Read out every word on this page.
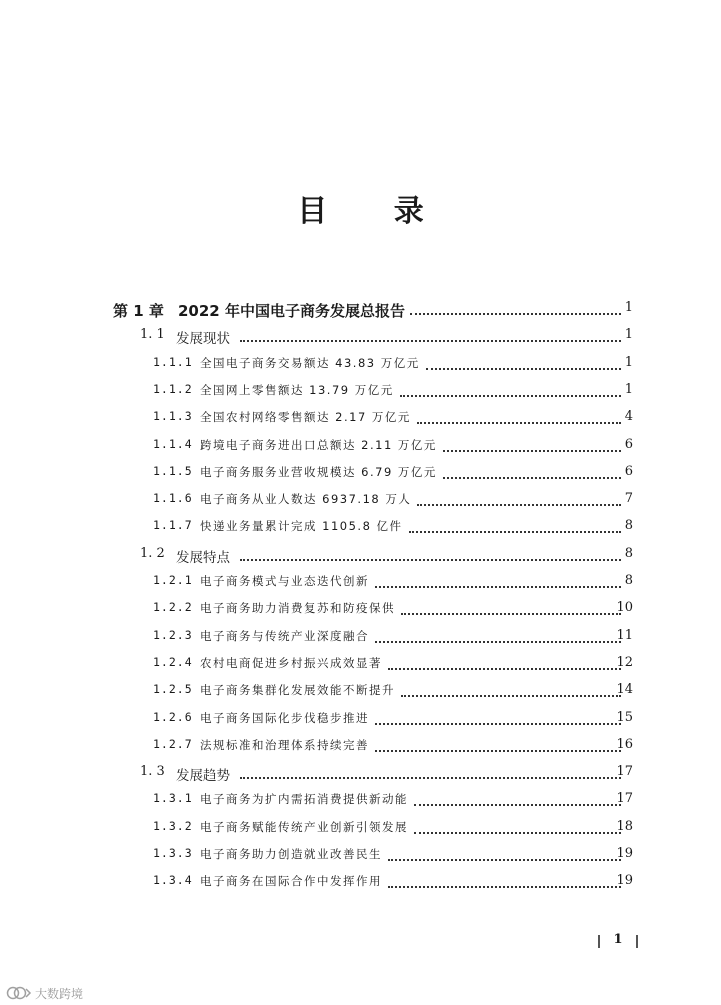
目 录
第 1 章 2022 年中国电子商务发展总报告	1
1. 1 发展现状	1
1.1.1 全国电子商务交易额达 43.83 万亿元	1
1.1.2 全国网上零售额达 13.79 万亿元	1
1.1.3 全国农村网络零售额达 2.17 万亿元	4
1.1.4 跨境电子商务进出口总额达 2.11 万亿元	6
1.1.5 电子商务服务业营收规模达 6.79 万亿元	6
1.1.6 电子商务从业人数达 6937.18 万人	7
1.1.7 快递业务量累计完成 1105.8 亿件	8
1. 2 发展特点	8
1.2.1 电子商务模式与业态迭代创新	8
1.2.2 电子商务助力消费复苏和防疫保供	10
1.2.3 电子商务与传统产业深度融合	11
1.2.4 农村电商促进乡村振兴成效显著	12
1.2.5 电子商务集群化发展效能不断提升	14
1.2.6 电子商务国际化步伐稳步推进	15
1.2.7 法规标准和治理体系持续完善	16
1. 3 发展趋势	17
1.3.1 电子商务为扩内需拓消费提供新动能	17
1.3.2 电子商务赋能传统产业创新引领发展	18
1.3.3 电子商务助力创造就业改善民生	19
1.3.4 电子商务在国际合作中发挥作用	19
1
大数跨境
